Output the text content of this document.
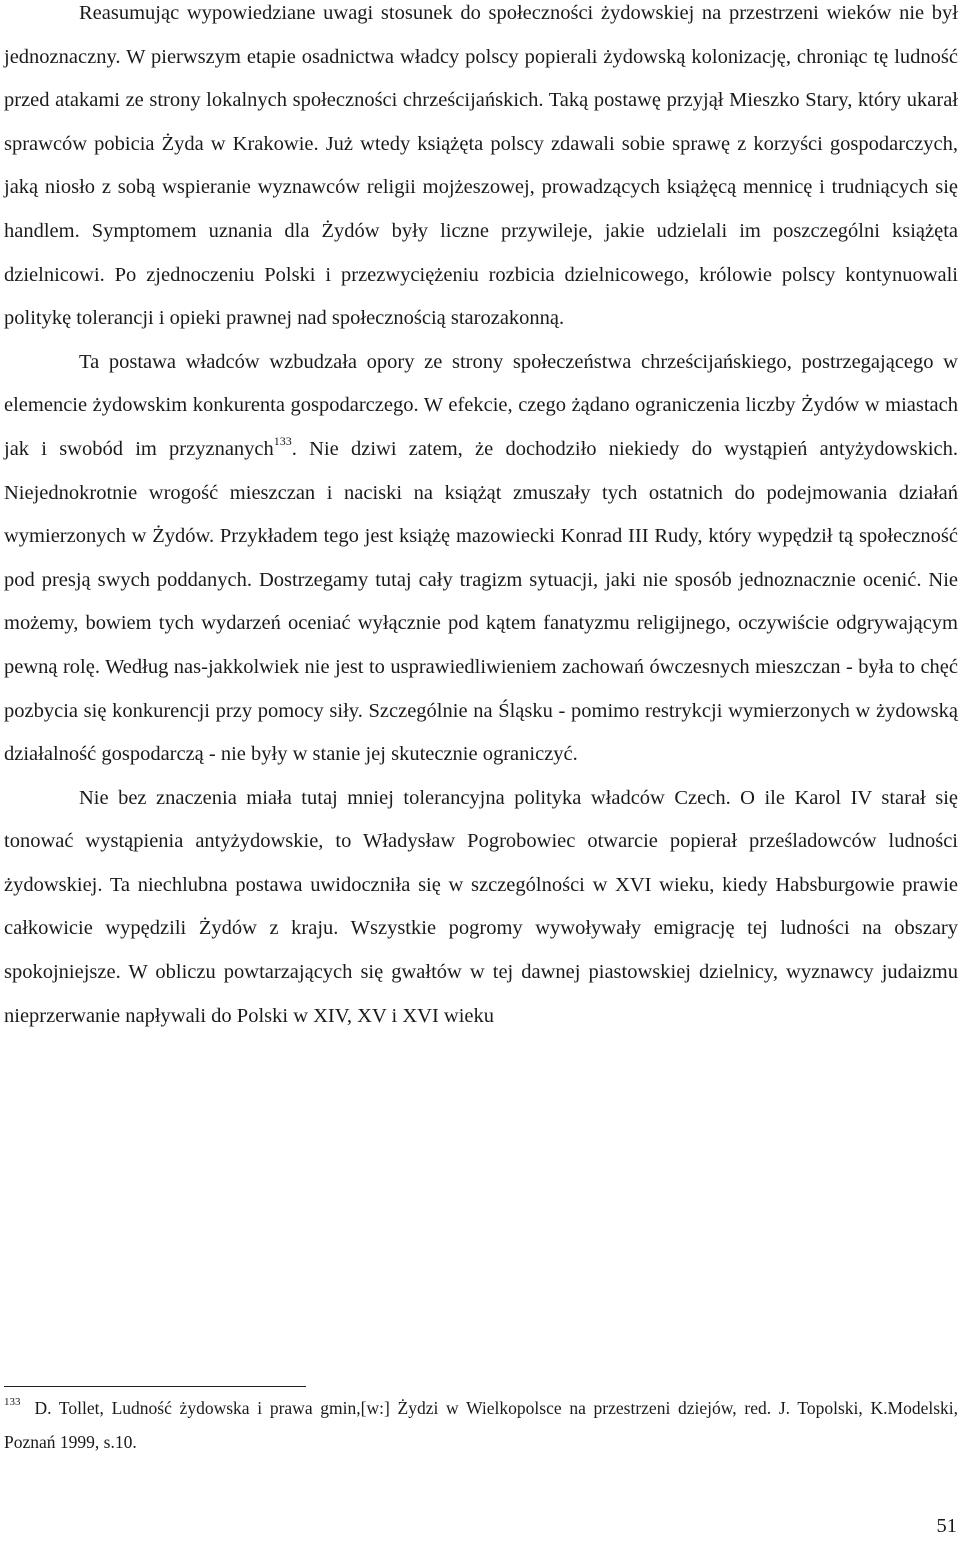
Reasumując wypowiedziane uwagi stosunek do społeczności żydowskiej na przestrzeni wieków nie był jednoznaczny. W pierwszym etapie osadnictwa władcy polscy popierali żydowską kolonizację, chroniąc tę ludność przed atakami ze strony lokalnych społeczności chrześcijańskich. Taką postawę przyjął Mieszko Stary, który ukarał sprawców pobicia Żyda w Krakowie. Już wtedy książęta polscy zdawali sobie sprawę z korzyści gospodarczych, jaką niosło z sobą wspieranie wyznawców religii mojżeszowej, prowadzących książęcą mennicę i trudniących się handlem. Symptomem uznania dla Żydów były liczne przywileje, jakie udzielali im poszczególni książęta dzielnicowi. Po zjednoczeniu Polski i przezwyciężeniu rozbicia dzielnicowego, królowie polscy kontynuowali politykę tolerancji i opieki prawnej nad społecznością starozakonną.

Ta postawa władców wzbudzała opory ze strony społeczeństwa chrześcijańskiego, postrzegającego w elemencie żydowskim konkurenta gospodarczego. W efekcie, czego żądano ograniczenia liczby Żydów w miastach jak i swobód im przyznanych$^{133}$. Nie dziwi zatem, że dochodziło niekiedy do wystąpień antyżydowskich. Niejednokrotnie wrogość mieszczan i naciski na książąt zmuszały tych ostatnich do podejmowania działań wymierzonych w Żydów. Przykładem tego jest książę mazowiecki Konrad III Rudy, który wypędził tą społeczność pod presją swych poddanych. Dostrzegamy tutaj cały tragizm sytuacji, jaki nie sposób jednoznacznie ocenić. Nie możemy, bowiem tych wydarzeń oceniać wyłącznie pod kątem fanatyzmu religijnego, oczywiście odgrywającym pewną rolę. Według nas-jakkolwiek nie jest to usprawiedliwieniem zachowań ówczesnych mieszczan - była to chęć pozbycia się konkurencji przy pomocy siły. Szczególnie na Śląsku - pomimo restrykcji wymierzonych w żydowską działalność gospodarczą - nie były w stanie jej skutecznie ograniczyć.

Nie bez znaczenia miała tutaj mniej tolerancyjna polityka władców Czech. O ile Karol IV starał się tonować wystąpienia antyżydowskie, to Władysław Pogrobowiec otwarcie popierał prześladowców ludności żydowskiej. Ta niechlubna postawa uwidoczniła się w szczególności w XVI wieku, kiedy Habsburgowie prawie całkowicie wypędzili Żydów z kraju. Wszystkie pogromy wywoływały emigrację tej ludności na obszary spokojniejsze. W obliczu powtarzających się gwałtów w tej dawnej piastowskiej dzielnicy, wyznawcy judaizmu nieprzerwanie napływali do Polski w XIV, XV i XVI wieku

$^{133}$ D. Tollet, Ludność żydowska i prawa gmin,[w:] Żydzi w Wielkopolsce na przestrzeni dziejów, red. J. Topolski, K.Modelski, Poznań 1999, s.10.

51
